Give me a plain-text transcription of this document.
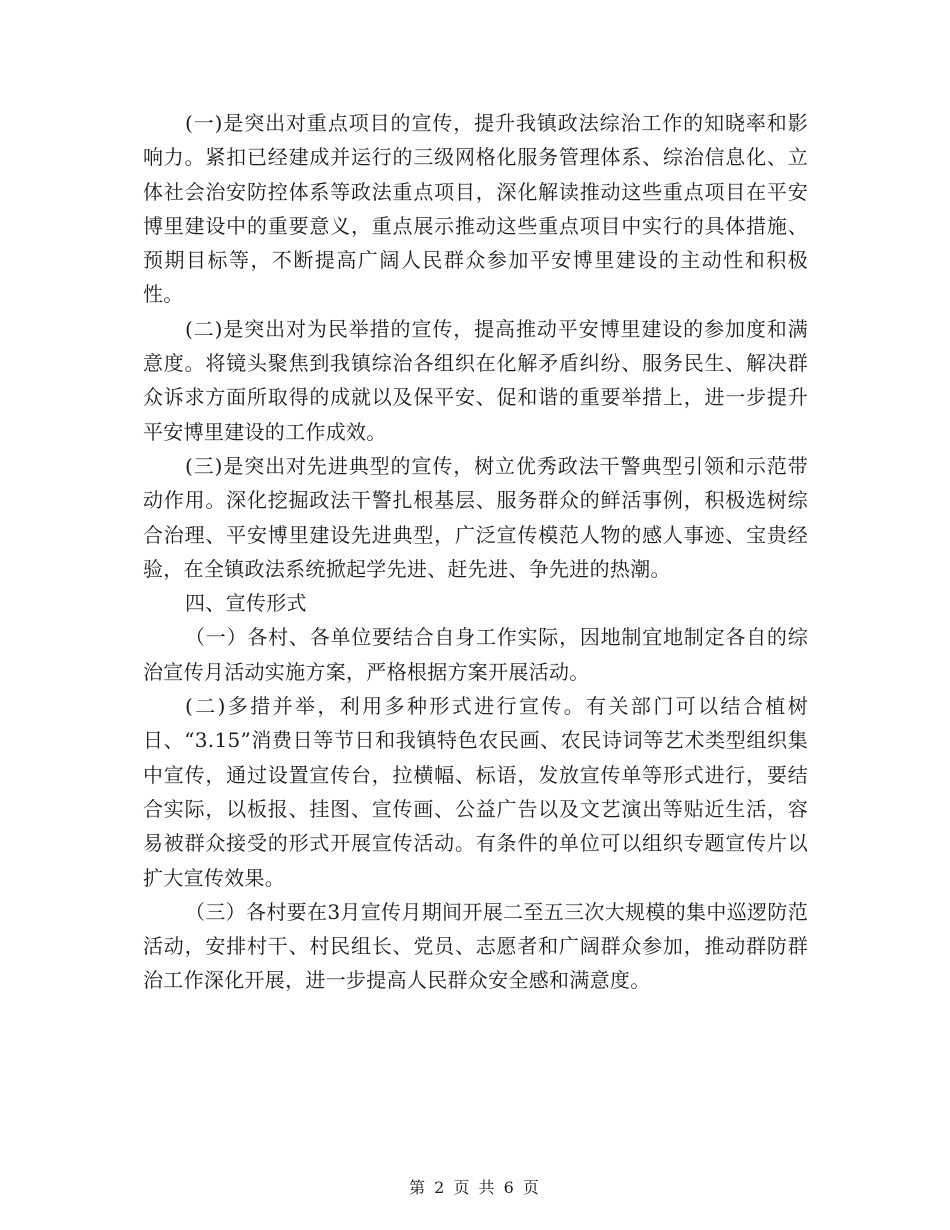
(一)是突出对重点项目的宣传，提升我镇政法综治工作的知晓率和影响力。紧扣已经建成并运行的三级网格化服务管理体系、综治信息化、立体社会治安防控体系等政法重点项目，深化解读推动这些重点项目在平安博里建设中的重要意义，重点展示推动这些重点项目中实行的具体措施、预期目标等，不断提高广阔人民群众参加平安博里建设的主动性和积极性。

(二)是突出对为民举措的宣传，提高推动平安博里建设的参加度和满意度。将镜头聚焦到我镇综治各组织在化解矛盾纠纷、服务民生、解决群众诉求方面所取得的成就以及保平安、促和谐的重要举措上，进一步提升平安博里建设的工作成效。

(三)是突出对先进典型的宣传，树立优秀政法干警典型引领和示范带动作用。深化挖掘政法干警扎根基层、服务群众的鲜活事例，积极选树综合治理、平安博里建设先进典型，广泛宣传模范人物的感人事迹、宝贵经验，在全镇政法系统掀起学先进、赶先进、争先进的热潮。

四、宣传形式

（一）各村、各单位要结合自身工作实际，因地制宜地制定各自的综治宣传月活动实施方案，严格根据方案开展活动。

(二)多措并举，利用多种形式进行宣传。有关部门可以结合植树日、“3.15”消费日等节日和我镇特色农民画、农民诗词等艺术类型组织集中宣传，通过设置宣传台，拉横幅、标语，发放宣传单等形式进行，要结合实际，以板报、挂图、宣传画、公益广告以及文艺演出等贴近生活，容易被群众接受的形式开展宣传活动。有条件的单位可以组织专题宣传片以扩大宣传效果。

（三）各村要在3月宣传月期间开展二至五三次大规模的集中巡逻防范活动，安排村干、村民组长、党员、志愿者和广阔群众参加，推动群防群治工作深化开展，进一步提高人民群众安全感和满意度。

第 2 页 共 6 页
